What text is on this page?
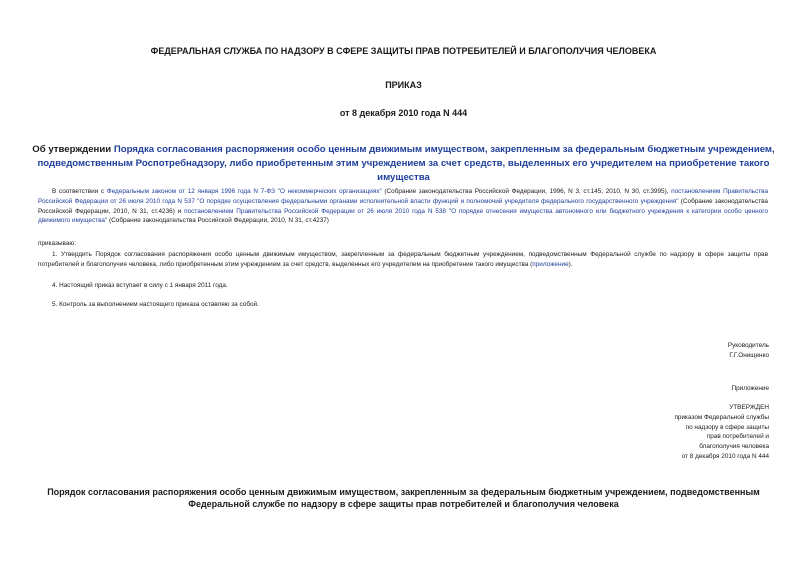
ФЕДЕРАЛЬНАЯ СЛУЖБА ПО НАДЗОРУ В СФЕРЕ ЗАЩИТЫ ПРАВ ПОТРЕБИТЕЛЕЙ И БЛАГОПОЛУЧИЯ ЧЕЛОВЕКА
ПРИКАЗ
от 8 декабря 2010 года N 444
Об утверждении Порядка согласования распоряжения особо ценным движимым имуществом, закрепленным за федеральным бюджетным учреждением, подведомственным Роспотребнадзору, либо приобретенным этим учреждением за счет средств, выделенных его учредителем на приобретение такого имущества
В соответствии с Федеральным законом от 12 января 1996 года N 7-ФЗ "О некоммерческих организациях" (Собрание законодательства Российской Федерации, 1996, N 3, ст.145; 2010, N 30, ст.3995), постановлением Правительства Российской Федерации от 26 июля 2010 года N 537 "О порядке осуществления федеральными органами исполнительной власти функций и полномочий учредителя федерального государственного учреждения" (Собрание законодательства Российской Федерации, 2010, N 31, ст.4236) и постановлением Правительства Российской Федерации от 26 июля 2010 года N 538 "О порядке отнесения имущества автономного или бюджетного учреждения к категории особо ценного движимого имущества" (Собрание законодательства Российской Федерации, 2010, N 31, ст.4237)
приказываю:
1. Утвердить Порядок согласования распоряжения особо ценным движимым имуществом, закрепленным за федеральным бюджетным учреждением, подведомственным Федеральной службе по надзору в сфере защиты прав потребителей и благополучия человека, либо приобретенным этим учреждением за счет средств, выделенных его учредителем на приобретение такого имущества (приложение).
4. Настоящий приказ вступает в силу с 1 января 2011 года.
5. Контроль за выполнением настоящего приказа оставляю за собой.
Руководитель
Г.Г.Онищенко
Приложение
УТВЕРЖДЕН
приказом Федеральной службы
по надзору в сфере защиты
прав потребителей и
благополучия человека
от 8 декабря 2010 года N 444
Порядок согласования распоряжения особо ценным движимым имуществом, закрепленным за федеральным бюджетным учреждением, подведомственным
Федеральной службе по надзору в сфере защиты прав потребителей и благополучия человека
